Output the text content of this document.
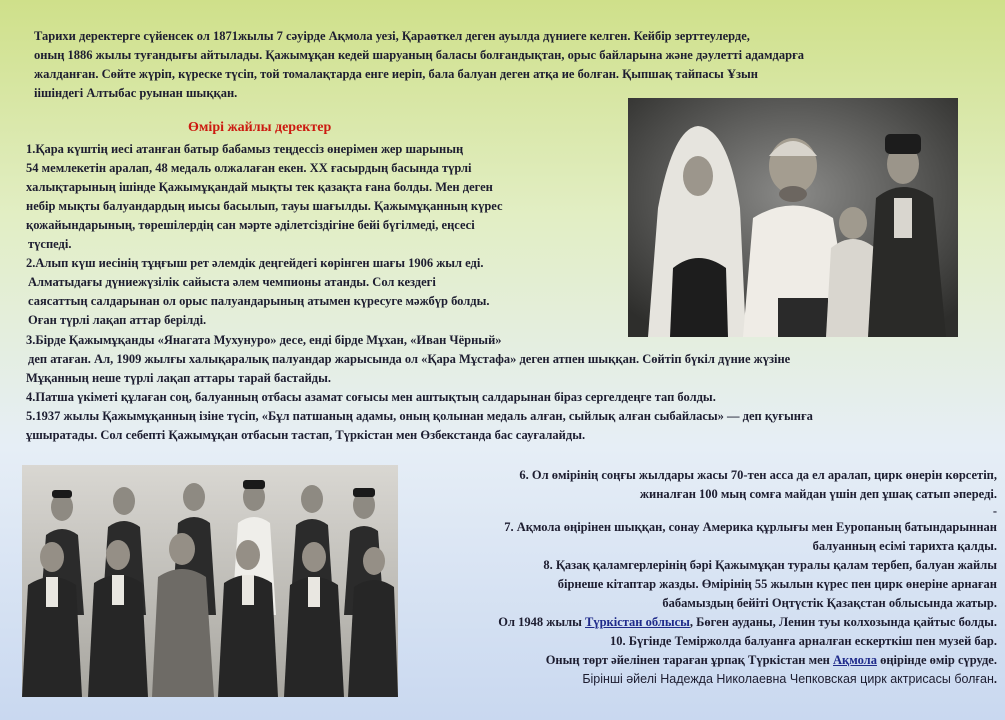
Тарихи деректерге сүйенсек ол 1871жылы 7 сәуірде Ақмола уезі, Қараөткел деген ауылда дүниеге келген. Кейбір зерттеулерде,
оның 1886 жылы туғандығы айтылады. Қажымұқан кедей шаруаның баласы болғандықтан, орыс байларына және дәулетті адамдарға
жалданған. Сөйте жүріп, күреске түсіп, той томалақтарда енге иеріп, бала балуан деген атқа ие болған. Қыпшақ тайпасы Ұзын
іішіндегі Алтыбас руынан шыққан.
Өмірі жайлы деректер
1.Қара күштің иесі атанған батыр бабамыз теңдессіз өнерімен жер шарының
54 мемлекетін аралап, 48 медаль олжалаған екен. XX ғасырдың басында түрлі
халықтарының ішінде Қажымұқандай мықты тек қазақта ғана болды. Мен деген
небір мықты балуандардың иысы басылып, тауы шағылды. Қажымұқанның күрес
қожайындарының, төрешілердің сан мәрте әділетсіздігіне бейі бүгілмеді, еңсесі
түспеді.
2.Алып күш иесінің тұңғыш рет әлемдік деңгейдегі көрінген шағы 1906 жыл еді.
Алматыдағы дүниежүзілік сайыста әлем чемпионы атанды. Сол кездегі
саясаттың салдарынан ол орыс палуандарының атымен күресуге мәжбүр болды.
Оған түрлі лақап аттар берілді.
3.Бірде Қажымұқанды «Янагата Мухунуро» десе, енді бірде Мұхан, «Иван Чёрный»
деп атаған. Ал, 1909 жылғы халықаралық палуандар жарысында ол «Қара Мұстафа» деген атпен шыққан. Сөйтіп бүкіл дүние жүзіне
Мұқанның неше түрлі лақап аттары тарай бастайды.
4.Патша үкіметі құлаған соң, балуанның отбасы азамат соғысы мен аштықтың салдарынан біраз сергелдеңге тап болды.
5.1937 жылы Қажымұқанның ізіне түсіп, «Бұл патшаның адамы, оның қолынан медаль алған, сыйлық алған сыбайласы» — деп қуғынға
ұшыратады. Сол себепті Қажымұқан отбасын тастап, Түркістан мен Өзбекстанда бас сауғалайды.
6. Ол өмірінің соңғы жылдары жасы 70-тен асса да ел аралап, цирк өнерін көрсетіп,
жиналған 100 мың сомға майдан үшін деп ұшақ сатып әпереді.
-
7. Ақмола өңірінен шыққан, сонау Америка құрлығы мен Еуропаның батындарыннан
балуанның есімі тарихта қалды.
8. Қазақ қаламгерлерінің бәрі Қажымұқан туралы қалам тербеп, балуан жайлы
бірнеше кітаптар жазды. Өмірінің 55 жылын күрес пен цирк өнеріне арнаған
бабамыздың бейіті Оңтүстік Қазақстан облысында жатыр.
Ол 1948 жылы Түркістан облысы, Бөген ауданы, Ленин туы колхозында қайтыс болды.
10. Бүгінде Теміржолда балуанға арналған ескерткіш пен музей бар.
Оның төрт әйелінен тараған ұрпақ Түркістан мен Ақмола өңірінде өмір сүруде.
Бірінші әйелі Надежда Николаевна Чепковская цирк актрисасы болған.
